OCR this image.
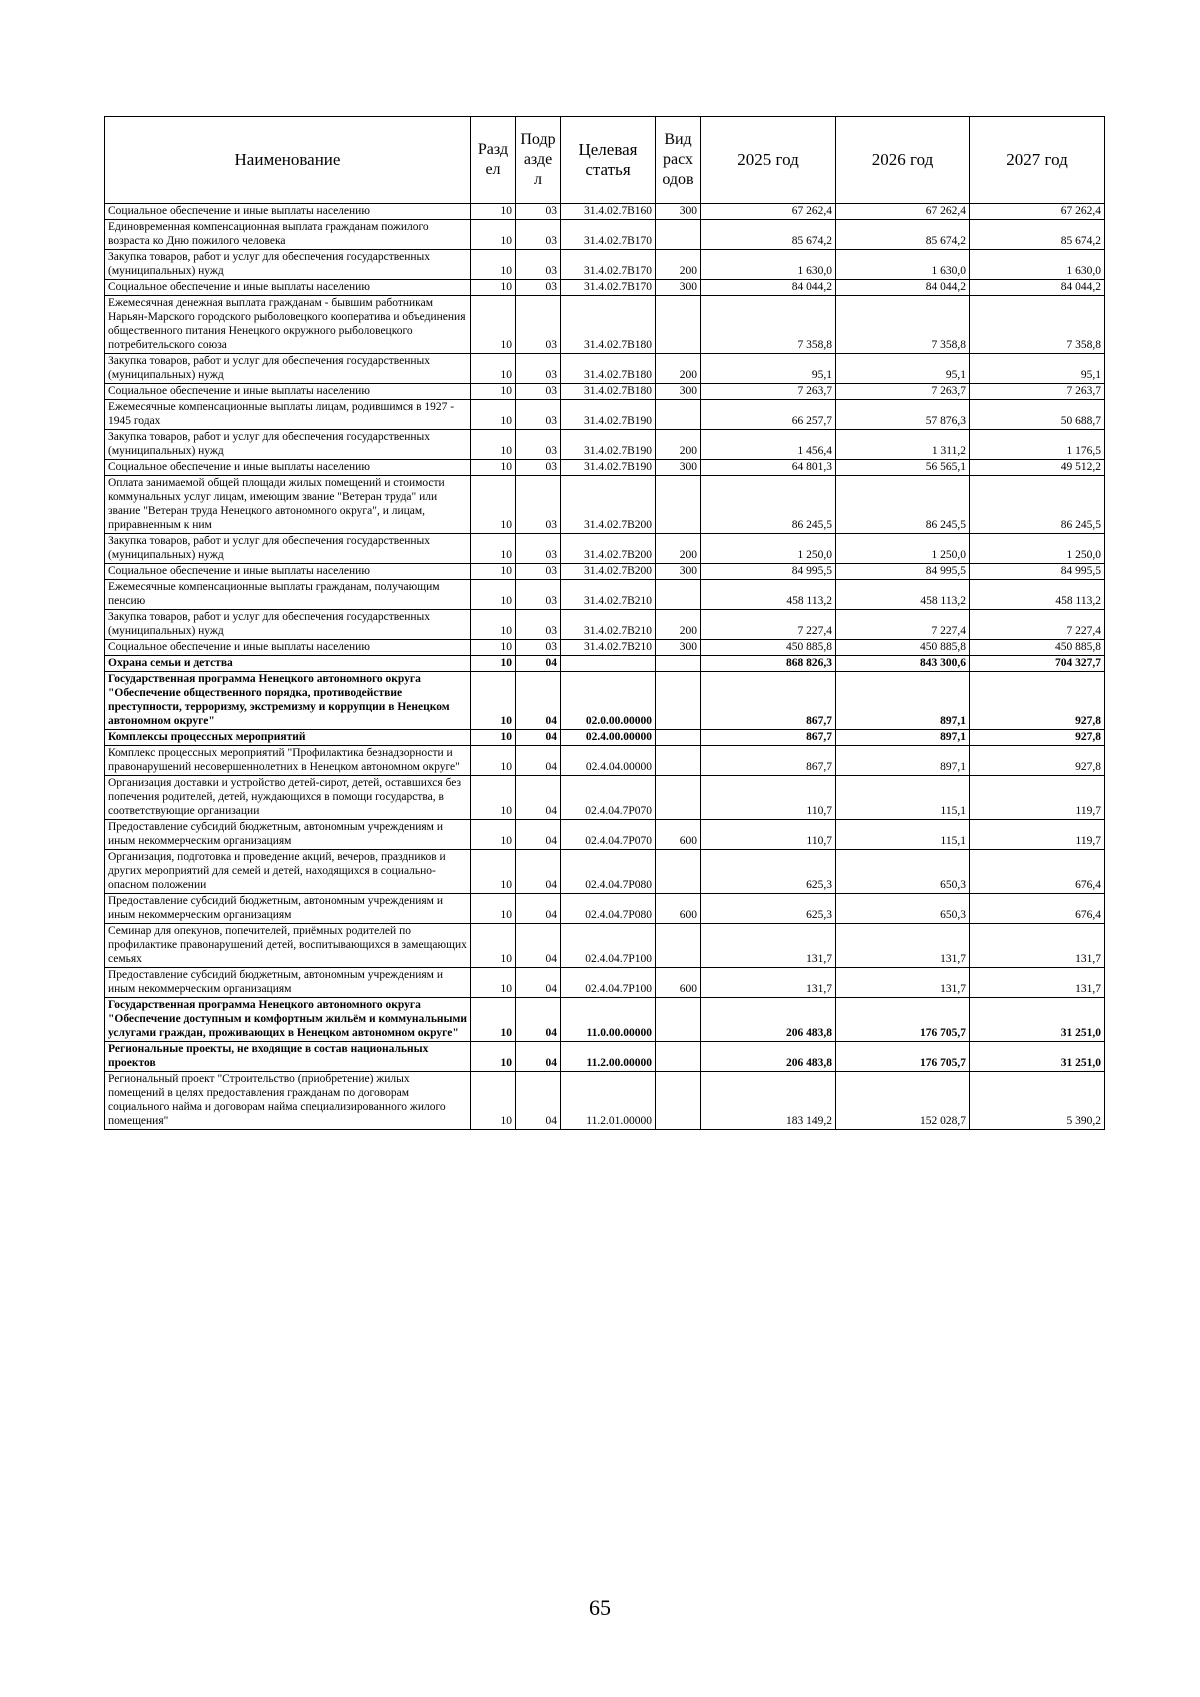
Наименование	Разд ел	Подр азде л	Целевая статья	Вид расх одов	2025 год	2026 год	2027 год
Социальное обеспечение и иные выплаты населению	10	03	31.4.02.7В160	300	67 262,4	67 262,4	67 262,4
Единовременная компенсационная выплата гражданам пожилого возраста ко Дню пожилого человека	10	03	31.4.02.7В170		85 674,2	85 674,2	85 674,2
Закупка товаров, работ и услуг для обеспечения государственных (муниципальных) нужд	10	03	31.4.02.7В170	200	1 630,0	1 630,0	1 630,0
Социальное обеспечение и иные выплаты населению	10	03	31.4.02.7В170	300	84 044,2	84 044,2	84 044,2
Ежемесячная денежная выплата гражданам - бывшим работникам Нарьян-Марского городского рыболовецкого кооператива и объединения общественного питания Ненецкого окружного рыболовецкого потребительского союза	10	03	31.4.02.7В180		7 358,8	7 358,8	7 358,8
Закупка товаров, работ и услуг для обеспечения государственных (муниципальных) нужд	10	03	31.4.02.7В180	200	95,1	95,1	95,1
Социальное обеспечение и иные выплаты населению	10	03	31.4.02.7В180	300	7 263,7	7 263,7	7 263,7
Ежемесячные компенсационные выплаты лицам, родившимся в 1927 - 1945 годах	10	03	31.4.02.7В190		66 257,7	57 876,3	50 688,7
Закупка товаров, работ и услуг для обеспечения государственных (муниципальных) нужд	10	03	31.4.02.7В190	200	1 456,4	1 311,2	1 176,5
Социальное обеспечение и иные выплаты населению	10	03	31.4.02.7В190	300	64 801,3	56 565,1	49 512,2
Оплата занимаемой общей площади жилых помещений и стоимости коммунальных услуг лицам, имеющим звание "Ветеран труда" или звание "Ветеран труда Ненецкого автономного округа", и лицам, приравненным к ним	10	03	31.4.02.7В200		86 245,5	86 245,5	86 245,5
Закупка товаров, работ и услуг для обеспечения государственных (муниципальных) нужд	10	03	31.4.02.7В200	200	1 250,0	1 250,0	1 250,0
Социальное обеспечение и иные выплаты населению	10	03	31.4.02.7В200	300	84 995,5	84 995,5	84 995,5
Ежемесячные компенсационные выплаты гражданам, получающим пенсию	10	03	31.4.02.7В210		458 113,2	458 113,2	458 113,2
Закупка товаров, работ и услуг для обеспечения государственных (муниципальных) нужд	10	03	31.4.02.7В210	200	7 227,4	7 227,4	7 227,4
Социальное обеспечение и иные выплаты населению	10	03	31.4.02.7В210	300	450 885,8	450 885,8	450 885,8
Охрана семьи и детства	10	04			868 826,3	843 300,6	704 327,7
Государственная программа Ненецкого автономного округа "Обеспечение общественного порядка, противодействие преступности, терроризму, экстремизму и коррупции в Ненецком автономном округе"	10	04	02.0.00.00000		867,7	897,1	927,8
Комплексы процессных мероприятий	10	04	02.4.00.00000		867,7	897,1	927,8
Комплекс процессных мероприятий "Профилактика безнадзорности и правонарушений несовершеннолетних в Ненецком автономном округе"	10	04	02.4.04.00000		867,7	897,1	927,8
Организация доставки и устройство детей-сирот, детей, оставшихся без попечения родителей, детей, нуждающихся в помощи государства, в соответствующие организации	10	04	02.4.04.7Р070		110,7	115,1	119,7
Предоставление субсидий бюджетным, автономным учреждениям и иным некоммерческим организациям	10	04	02.4.04.7Р070	600	110,7	115,1	119,7
Организация, подготовка и проведение акций, вечеров, праздников и других мероприятий для семей и детей, находящихся в социально-опасном положении	10	04	02.4.04.7Р080		625,3	650,3	676,4
Предоставление субсидий бюджетным, автономным учреждениям и иным некоммерческим организациям	10	04	02.4.04.7Р080	600	625,3	650,3	676,4
Семинар для опекунов, попечителей, приёмных родителей по профилактике правонарушений детей, воспитывающихся в замещающих семьях	10	04	02.4.04.7Р100		131,7	131,7	131,7
Предоставление субсидий бюджетным, автономным учреждениям и иным некоммерческим организациям	10	04	02.4.04.7Р100	600	131,7	131,7	131,7
Государственная программа Ненецкого автономного округа "Обеспечение доступным и комфортным жильём и коммунальными услугами граждан, проживающих в Ненецком автономном округе"	10	04	11.0.00.00000		206 483,8	176 705,7	31 251,0
Региональные проекты, не входящие в состав национальных проектов	10	04	11.2.00.00000		206 483,8	176 705,7	31 251,0
Региональный проект "Строительство (приобретение) жилых помещений в целях предоставления гражданам по договорам социального найма и договорам найма специализированного жилого помещения"	10	04	11.2.01.00000		183 149,2	152 028,7	5 390,2
65
